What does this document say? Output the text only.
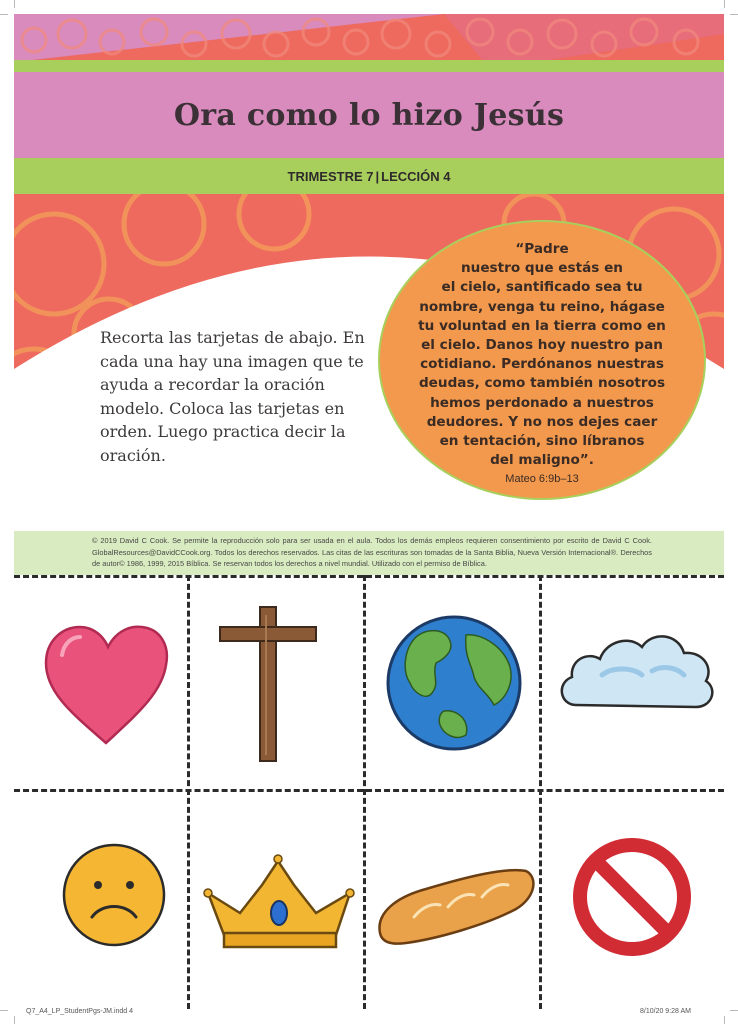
Ora como lo hizo Jesús
TRIMESTRE 7 | LECCIÓN 4
Recorta las tarjetas de abajo. En cada una hay una imagen que te ayuda a recordar la oración modelo. Coloca las tarjetas en orden. Luego practica decir la oración.
“Padre
nuestro que estás en
el cielo, santificado sea tu
nombre, venga tu reino, hágase
tu voluntad en la tierra como en
el cielo. Danos hoy nuestro pan
cotidiano. Perdónanos nuestras
deudas, como también nosotros
hemos perdonado a nuestros
deudores. Y no nos dejes caer
en tentación, sino líbranos
del maligno”.
Mateo 6:9b–13
© 2019 David C Cook. Se permite la reproducción solo para ser usada en el aula. Todos los demás empleos requieren consentimiento por escrito de David C Cook. GlobalResources@DavidCCook.org. Todos los derechos reservados. Las citas de las escrituras son tomadas de la Santa Biblia, Nueva Versión Internacional®. Derechos de autor© 1986, 1999, 2015 Bíblica. Se reservan todos los derechos a nivel mundial. Utilizado con el permiso de Bíblica.
Q7_A4_LP_StudentPgs-JM.indd 4	8/10/20 9:28 AM
